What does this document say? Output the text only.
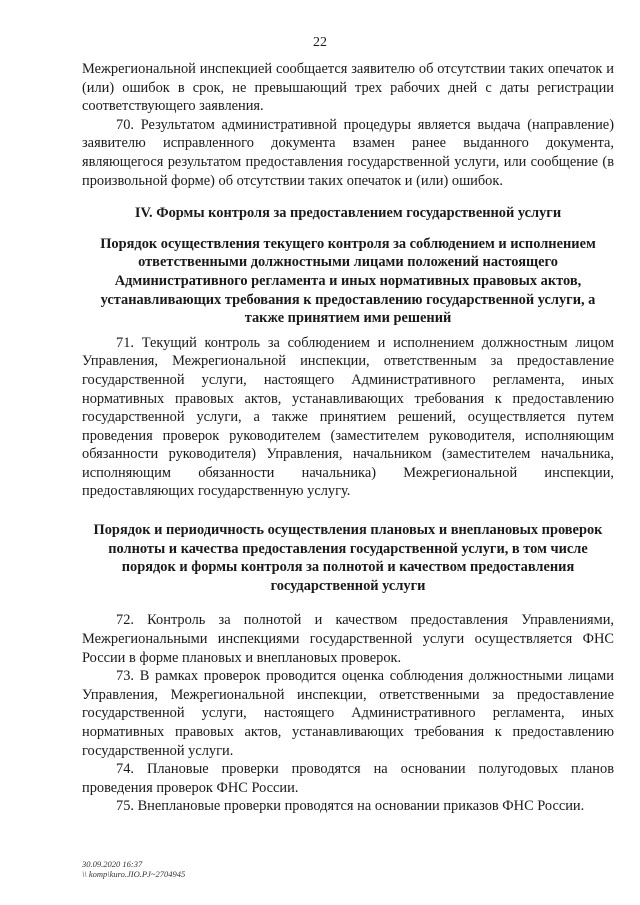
22

Межрегиональной инспекцией сообщается заявителю об отсутствии таких опечаток и (или) ошибок в срок, не превышающий трех рабочих дней с даты регистрации соответствующего заявления.

70. Результатом административной процедуры является выдача (направление) заявителю исправленного документа взамен ранее выданного документа, являющегося результатом предоставления государственной услуги, или сообщение (в произвольной форме) об отсутствии таких опечаток и (или) ошибок.

IV. Формы контроля за предоставлением государственной услуги
Порядок осуществления текущего контроля за соблюдением и исполнением ответственными должностными лицами положений настоящего Административного регламента и иных нормативных правовых актов, устанавливающих требования к предоставлению государственной услуги, а также принятием ими решений

71. Текущий контроль за соблюдением и исполнением должностным лицом Управления, Межрегиональной инспекции, ответственным за предоставление государственной услуги, настоящего Административного регламента, иных нормативных правовых актов, устанавливающих требования к предоставлению государственной услуги, а также принятием решений, осуществляется путем проведения проверок руководителем (заместителем руководителя, исполняющим обязанности руководителя) Управления, начальником (заместителем начальника, исполняющим обязанности начальника) Межрегиональной инспекции, предоставляющих государственную услугу.

Порядок и периодичность осуществления плановых и внеплановых проверок полноты и качества предоставления государственной услуги, в том числе порядок и формы контроля за полнотой и качеством предоставления государственной услуги

72. Контроль за полнотой и качеством предоставления Управлениями, Межрегиональными инспекциями государственной услуги осуществляется ФНС России в форме плановых и внеплановых проверок.

73. В рамках проверок проводится оценка соблюдения должностными лицами Управления, Межрегиональной инспекции, ответственными за предоставление государственной услуги, настоящего Административного регламента, иных нормативных правовых актов, устанавливающих требования к предоставлению государственной услуги.

74. Плановые проверки проводятся на основании полугодовых планов проведения проверок ФНС России.

75. Внеплановые проверки проводятся на основании приказов ФНС России.

30.09.2020 16:37
\\ komp\kuro.JIO.PJ~2704945
